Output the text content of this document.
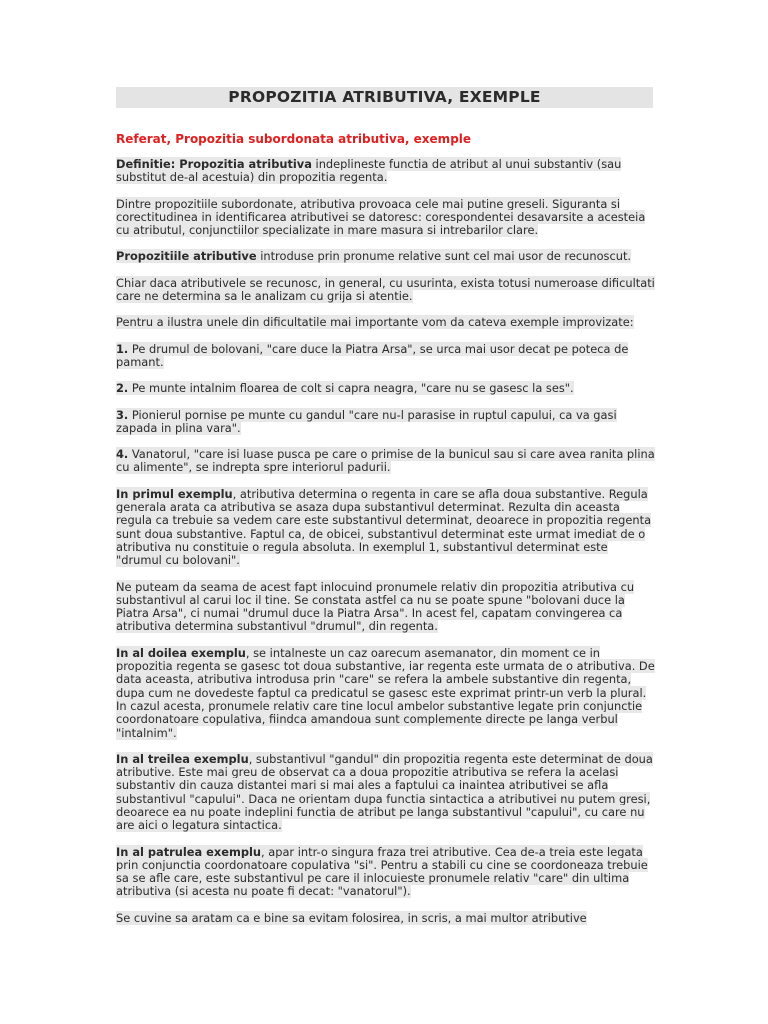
PROPOZITIA ATRIBUTIVA, EXEMPLE
Referat, Propozitia subordonata atributiva, exemple

Definitie: Propozitia atributiva indeplineste functia de atribut al unui substantiv (sau substitut de-al acestuia) din propozitia regenta.

Dintre propozitiile subordonate, atributiva provoaca cele mai putine greseli. Siguranta si corectitudinea in identificarea atributivei se datoresc: corespondentei desavarsite a acesteia cu atributul, conjunctiilor specializate in mare masura si intrebarilor clare.

Propozitiile atributive introduse prin pronume relative sunt cel mai usor de recunoscut.

Chiar daca atributivele se recunosc, in general, cu usurinta, exista totusi numeroase dificultati care ne determina sa le analizam cu grija si atentie.

Pentru a ilustra unele din dificultatile mai importante vom da cateva exemple improvizate:

1. Pe drumul de bolovani, "care duce la Piatra Arsa", se urca mai usor decat pe poteca de pamant.

2. Pe munte intalnim floarea de colt si capra neagra, "care nu se gasesc la ses".

3. Pionierul pornise pe munte cu gandul "care nu-l parasise in ruptul capului, ca va gasi zapada in plina vara".

4. Vanatorul, "care isi luase pusca pe care o primise de la bunicul sau si care avea ranita plina cu alimente", se indrepta spre interiorul padurii.

In primul exemplu, atributiva determina o regenta in care se afla doua substantive. Regula generala arata ca atributiva se asaza dupa substantivul determinat. Rezulta din aceasta regula ca trebuie sa vedem care este substantivul determinat, deoarece in propozitia regenta sunt doua substantive. Faptul ca, de obicei, substantivul determinat este urmat imediat de o atributiva nu constituie o regula absoluta. In exemplul 1, substantivul determinat este "drumul cu bolovani".

Ne puteam da seama de acest fapt inlocuind pronumele relativ din propozitia atributiva cu substantivul al carui loc il tine. Se constata astfel ca nu se poate spune "bolovani duce la Piatra Arsa", ci numai "drumul duce la Piatra Arsa". In acest fel, capatam convingerea ca atributiva determina substantivul "drumul", din regenta.

In al doilea exemplu, se intalneste un caz oarecum asemanator, din moment ce in propozitia regenta se gasesc tot doua substantive, iar regenta este urmata de o atributiva. De data aceasta, atributiva introdusa prin "care" se refera la ambele substantive din regenta, dupa cum ne dovedeste faptul ca predicatul se gasesc este exprimat printr-un verb la plural. In cazul acesta, pronumele relativ care tine locul ambelor substantive legate prin conjunctie coordonatoare copulativa, fiindca amandoua sunt complemente directe pe langa verbul "intalnim".

In al treilea exemplu, substantivul "gandul" din propozitia regenta este determinat de doua atributive. Este mai greu de observat ca a doua propozitie atributiva se refera la acelasi substantiv din cauza distantei mari si mai ales a faptului ca inaintea atributivei se afla substantivul "capului". Daca ne orientam dupa functia sintactica a atributivei nu putem gresi, deoarece ea nu poate indeplini functia de atribut pe langa substantivul "capului", cu care nu are aici o legatura sintactica.

In al patrulea exemplu, apar intr-o singura fraza trei atributive. Cea de-a treia este legata prin conjunctia coordonatoare copulativa "si". Pentru a stabili cu cine se coordoneaza trebuie sa se afle care, este substantivul pe care il inlocuieste pronumele relativ "care" din ultima atributiva (si acesta nu poate fi decat: "vanatorul").

Se cuvine sa aratam ca e bine sa evitam folosirea, in scris, a mai multor atributive
